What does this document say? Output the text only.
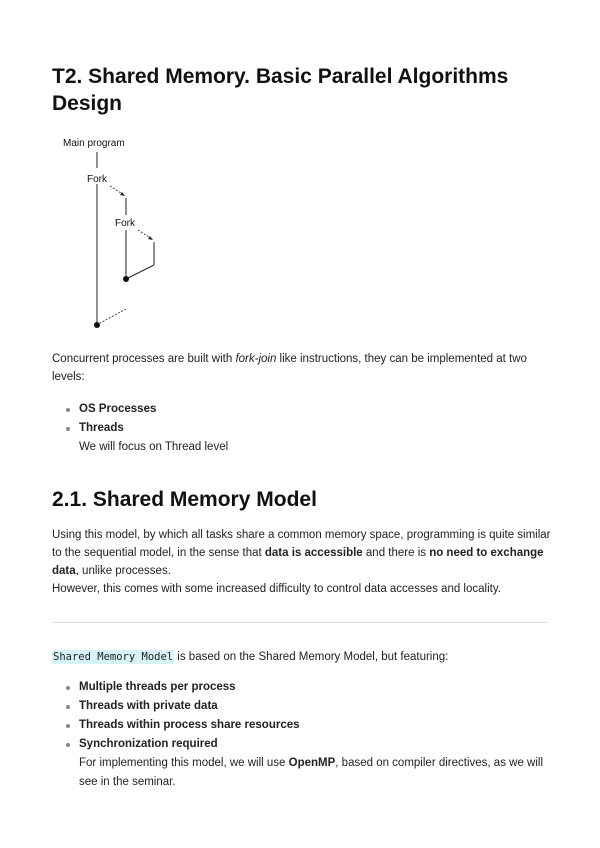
T2. Shared Memory. Basic Parallel Algorithms Design
Main program
Fork
Fork

Concurrent processes are built with fork-join like instructions, they can be implemented at two levels:

OS Processes
Threads
We will focus on Thread level
2.1. Shared Memory Model

Using this model, by which all tasks share a common memory space, programming is quite similar to the sequential model, in the sense that data is accessible and there is no need to exchange data, unlike processes.
However, this comes with some increased difficulty to control data accesses and locality.

Shared Memory Model is based on the Shared Memory Model, but featuring:

Multiple threads per process
Threads with private data
Threads within process share resources
Synchronization required
For implementing this model, we will use OpenMP, based on compiler directives, as we will see in the seminar.
